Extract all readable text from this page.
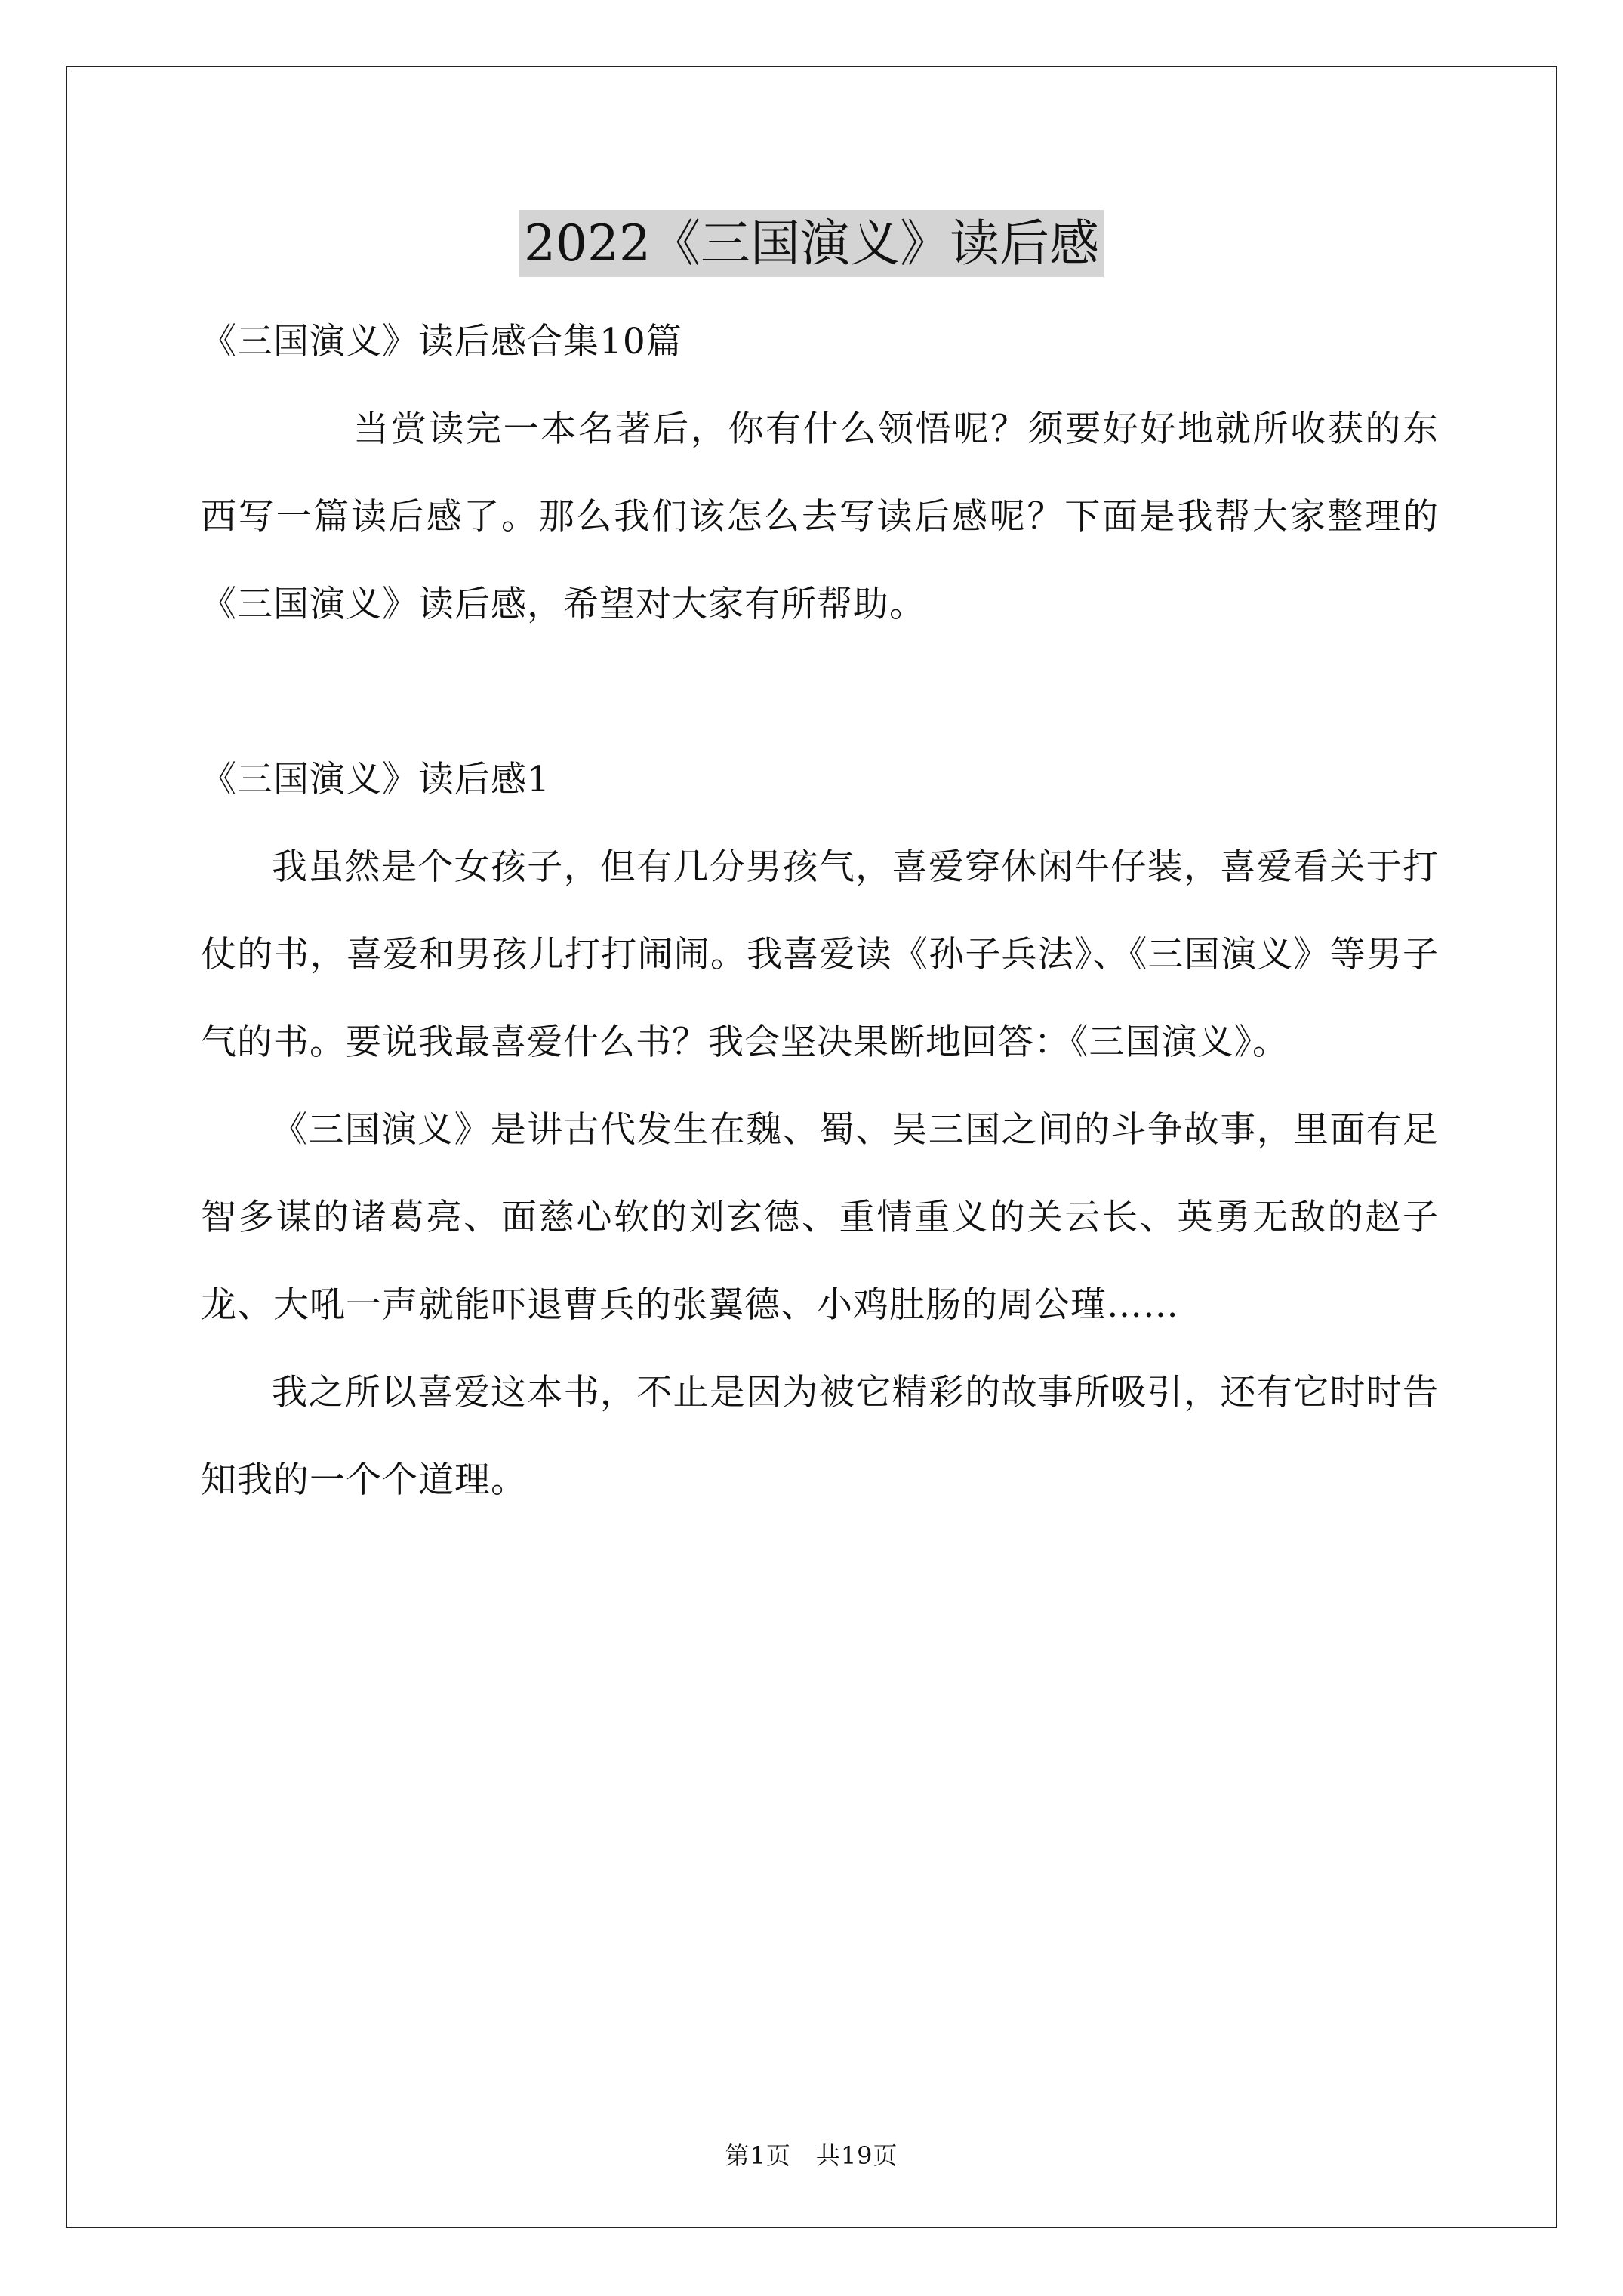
2022《三国演义》读后感

《三国演义》读后感合集10篇

当赏读完一本名著后，你有什么领悟呢？须要好好地就所收获的东西写一篇读后感了。那么我们该怎么去写读后感呢？下面是我帮大家整理的《三国演义》读后感，希望对大家有所帮助。

《三国演义》读后感1

我虽然是个女孩子，但有几分男孩气，喜爱穿休闲牛仔装，喜爱看关于打仗的书，喜爱和男孩儿打打闹闹。我喜爱读《孙子兵法》、《三国演义》等男子气的书。要说我最喜爱什么书？我会坚决果断地回答：《三国演义》。

《三国演义》是讲古代发生在魏、蜀、吴三国之间的斗争故事，里面有足智多谋的诸葛亮、面慈心软的刘玄德、重情重义的关云长、英勇无敌的赵子龙、大吼一声就能吓退曹兵的张翼德、小鸡肚肠的周公瑾……

我之所以喜爱这本书，不止是因为被它精彩的故事所吸引，还有它时时告知我的一个个道理。

第1页　共19页
